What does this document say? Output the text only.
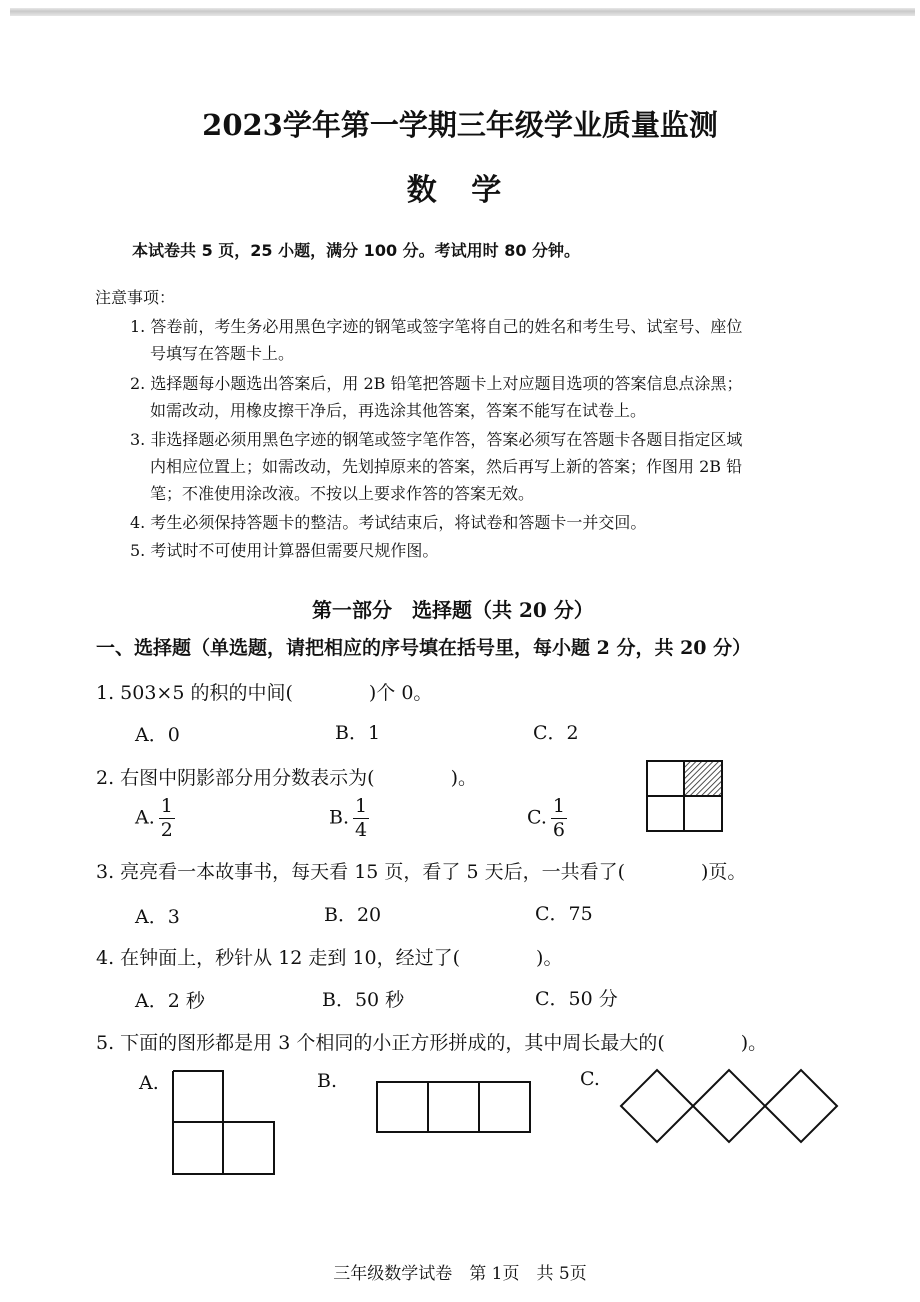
2023学年第一学期三年级学业质量监测
数 学
本试卷共 5 页，25 小题，满分 100 分。考试用时 80 分钟。
注意事项：
1. 答卷前，考生务必用黑色字迹的钢笔或签字笔将自己的姓名和考生号、试室号、座位
号填写在答题卡上。
2. 选择题每小题选出答案后，用 2B 铅笔把答题卡上对应题目选项的答案信息点涂黑；
如需改动，用橡皮擦干净后，再选涂其他答案，答案不能写在试卷上。
3. 非选择题必须用黑色字迹的钢笔或签字笔作答，答案必须写在答题卡各题目指定区域
内相应位置上；如需改动，先划掉原来的答案，然后再写上新的答案；作图用 2B 铅
笔；不准使用涂改液。不按以上要求作答的答案无效。
4. 考生必须保持答题卡的整洁。考试结束后，将试卷和答题卡一并交回。
5. 考试时不可使用计算器但需要尺规作图。
第一部分　选择题（共 20 分）
一、选择题（单选题，请把相应的序号填在括号里，每小题 2 分，共 20 分）
1. 503×5 的积的中间(　　　　)个 0。
A．0	B．1	C．2
2. 右图中阴影部分用分数表示为(　　　　)。
A. $\frac{1}{2}$	B. $\frac{1}{4}$	C. $\frac{1}{6}$
3. 亮亮看一本故事书，每天看 15 页，看了 5 天后，一共看了(　　　　)页。
A．3	B．20	C．75
4. 在钟面上，秒针从 12 走到 10，经过了(　　　　)。
A．2 秒	B．50 秒	C．50 分
5. 下面的图形都是用 3 个相同的小正方形拼成的，其中周长最大的(　　　　)。
A.	B.	C.
三年级数学试卷　第 1页　共 5页
